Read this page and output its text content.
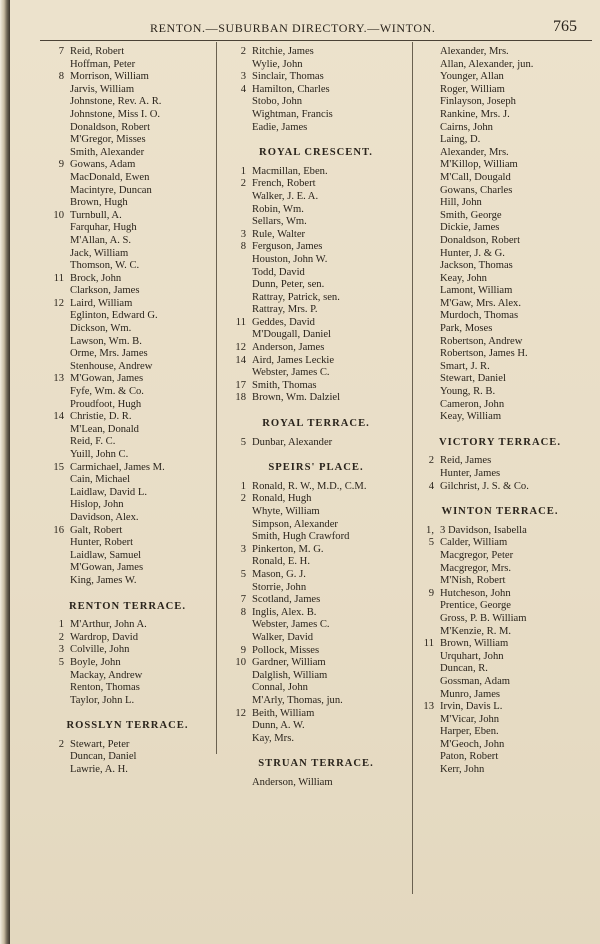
RENTON.—SUBURBAN DIRECTORY.—WINTON.	765
7 Reid, Robert
Hoffman, Peter
8 Morrison, William
Jarvis, William
Johnstone, Rev. A. R.
Johnstone, Miss I. O.
Donaldson, Robert
M'Gregor, Misses
Smith, Alexander
9 Gowans, Adam
MacDonald, Ewen
Macintyre, Duncan
Brown, Hugh
10 Turnbull, A.
Farquhar, Hugh
M'Allan, A. S.
Jack, William
Thomson, W. C.
11 Brock, John
Clarkson, James
12 Laird, William
Eglinton, Edward G.
Dickson, Wm.
Lawson, Wm. B.
Orme, Mrs. James
Stenhouse, Andrew
13 M'Gowan, James
Fyfe, Wm. & Co.
Proudfoot, Hugh
14 Christie, D. R.
M'Lean, Donald
Reid, F. C.
Yuill, John C.
15 Carmichael, James M.
Cain, Michael
Laidlaw, David L.
Hislop, John
Davidson, Alex.
16 Galt, Robert
Hunter, Robert
Laidlaw, Samuel
M'Gowan, James
King, James W.
RENTON TERRACE.
1 M'Arthur, John A.
2 Wardrop, David
3 Colville, John
5 Boyle, John
Mackay, Andrew
Renton, Thomas
Taylor, John L.
ROSSLYN TERRACE.
2 Stewart, Peter
Duncan, Daniel
Lawrie, A. H.
2 Ritchie, James
Wylie, John
3 Sinclair, Thomas
4 Hamilton, Charles
Stobo, John
Wightman, Francis
Eadie, James
ROYAL CRESCENT.
1 Macmillan, Eben.
2 French, Robert
Walker, J. E. A.
Robin, Wm.
Sellars, Wm.
3 Rule, Walter
8 Ferguson, James
Houston, John W.
Todd, David
Dunn, Peter, sen.
Rattray, Patrick, sen.
Rattray, Mrs. P.
11 Geddes, David
M'Dougall, Daniel
12 Anderson, James
14 Aird, James Leckie
Webster, James C.
17 Smith, Thomas
18 Brown, Wm. Dalziel
ROYAL TERRACE.
5 Dunbar, Alexander
SPEIRS' PLACE.
1 Ronald, R. W., M.D., C.M.
2 Ronald, Hugh
Whyte, William
Simpson, Alexander
Smith, Hugh Crawford
3 Pinkerton, M. G.
Ronald, E. H.
5 Mason, G. J.
Storrie, John
7 Scotland, James
8 Inglis, Alex. B.
Webster, James C.
Walker, David
9 Pollock, Misses
10 Gardner, William
Dalglish, William
Connal, John
M'Arly, Thomas, jun.
12 Beith, William
Dunn, A. W.
Kay, Mrs.
STRUAN TERRACE.
Anderson, William
Alexander, Mrs.
Allan, Alexander, jun.
Younger, Allan
Roger, William
Finlayson, Joseph
Rankine, Mrs. J.
Cairns, John
Laing, D.
Alexander, Mrs.
M'Killop, William
M'Call, Dougald
Gowans, Charles
Hill, John
Smith, George
Dickie, James
Donaldson, Robert
Hunter, J. & G.
Jackson, Thomas
Keay, John
Lamont, William
M'Gaw, Mrs. Alex.
Murdoch, Thomas
Park, Moses
Robertson, Andrew
Robertson, James H.
Smart, J. R.
Stewart, Daniel
Young, R. B.
Cameron, John
Keay, William
VICTORY TERRACE.
2 Reid, James
Hunter, James
4 Gilchrist, J. S. & Co.
WINTON TERRACE.
1, 3 Davidson, Isabella
5 Calder, William
Macgregor, Peter
Macgregor, Mrs.
M'Nish, Robert
9 Hutcheson, John
Prentice, George
Gross, P. B. William
M'Kenzie, R. M.
11 Brown, William
Urquhart, John
Duncan, R.
Gossman, Adam
Munro, James
13 Irvin, Davis L.
M'Vicar, John
Harper, Eben.
M'Geoch, John
Paton, Robert
Kerr, John
